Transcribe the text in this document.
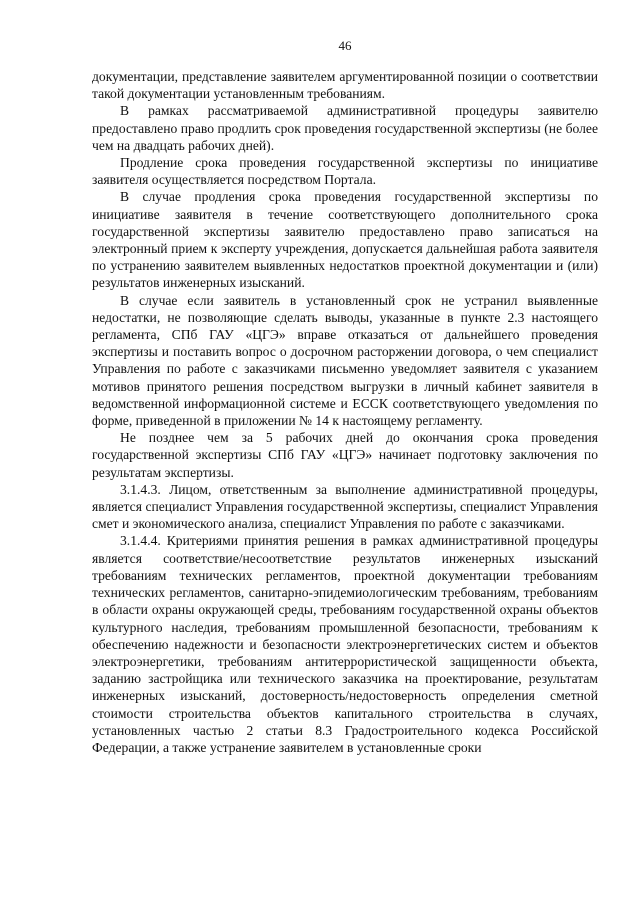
46

документации, представление заявителем аргументированной позиции о соответствии такой документации установленным требованиям.

В рамках рассматриваемой административной процедуры заявителю предоставлено право продлить срок проведения государственной экспертизы (не более чем на двадцать рабочих дней).

Продление срока проведения государственной экспертизы по инициативе заявителя осуществляется посредством Портала.

В случае продления срока проведения государственной экспертизы по инициативе заявителя в течение соответствующего дополнительного срока государственной экспертизы заявителю предоставлено право записаться на электронный прием к эксперту учреждения, допускается дальнейшая работа заявителя по устранению заявителем выявленных недостатков проектной документации и (или) результатов инженерных изысканий.

В случае если заявитель в установленный срок не устранил выявленные недостатки, не позволяющие сделать выводы, указанные в пункте 2.3 настоящего регламента, СПб ГАУ «ЦГЭ» вправе отказаться от дальнейшего проведения экспертизы и поставить вопрос о досрочном расторжении договора, о чем специалист Управления по работе с заказчиками письменно уведомляет заявителя с указанием мотивов принятого решения посредством выгрузки в личный кабинет заявителя в ведомственной информационной системе и ЕССК соответствующего уведомления по форме, приведенной в приложении № 14 к настоящему регламенту.

Не позднее чем за 5 рабочих дней до окончания срока проведения государственной экспертизы СПб ГАУ «ЦГЭ» начинает подготовку заключения по результатам экспертизы.

3.1.4.3. Лицом, ответственным за выполнение административной процедуры, является специалист Управления государственной экспертизы, специалист Управления смет и экономического анализа, специалист Управления по работе с заказчиками.

3.1.4.4. Критериями принятия решения в рамках административной процедуры является соответствие/несоответствие результатов инженерных изысканий требованиям технических регламентов, проектной документации требованиям технических регламентов, санитарно-эпидемиологическим требованиям, требованиям в области охраны окружающей среды, требованиям государственной охраны объектов культурного наследия, требованиям промышленной безопасности, требованиям к обеспечению надежности и безопасности электроэнергетических систем и объектов электроэнергетики, требованиям антитеррористической защищенности объекта, заданию застройщика или технического заказчика на проектирование, результатам инженерных изысканий, достоверность/недостоверность определения сметной стоимости строительства объектов капитального строительства в случаях, установленных частью 2 статьи 8.3 Градостроительного кодекса Российской Федерации, а также устранение заявителем в установленные сроки
